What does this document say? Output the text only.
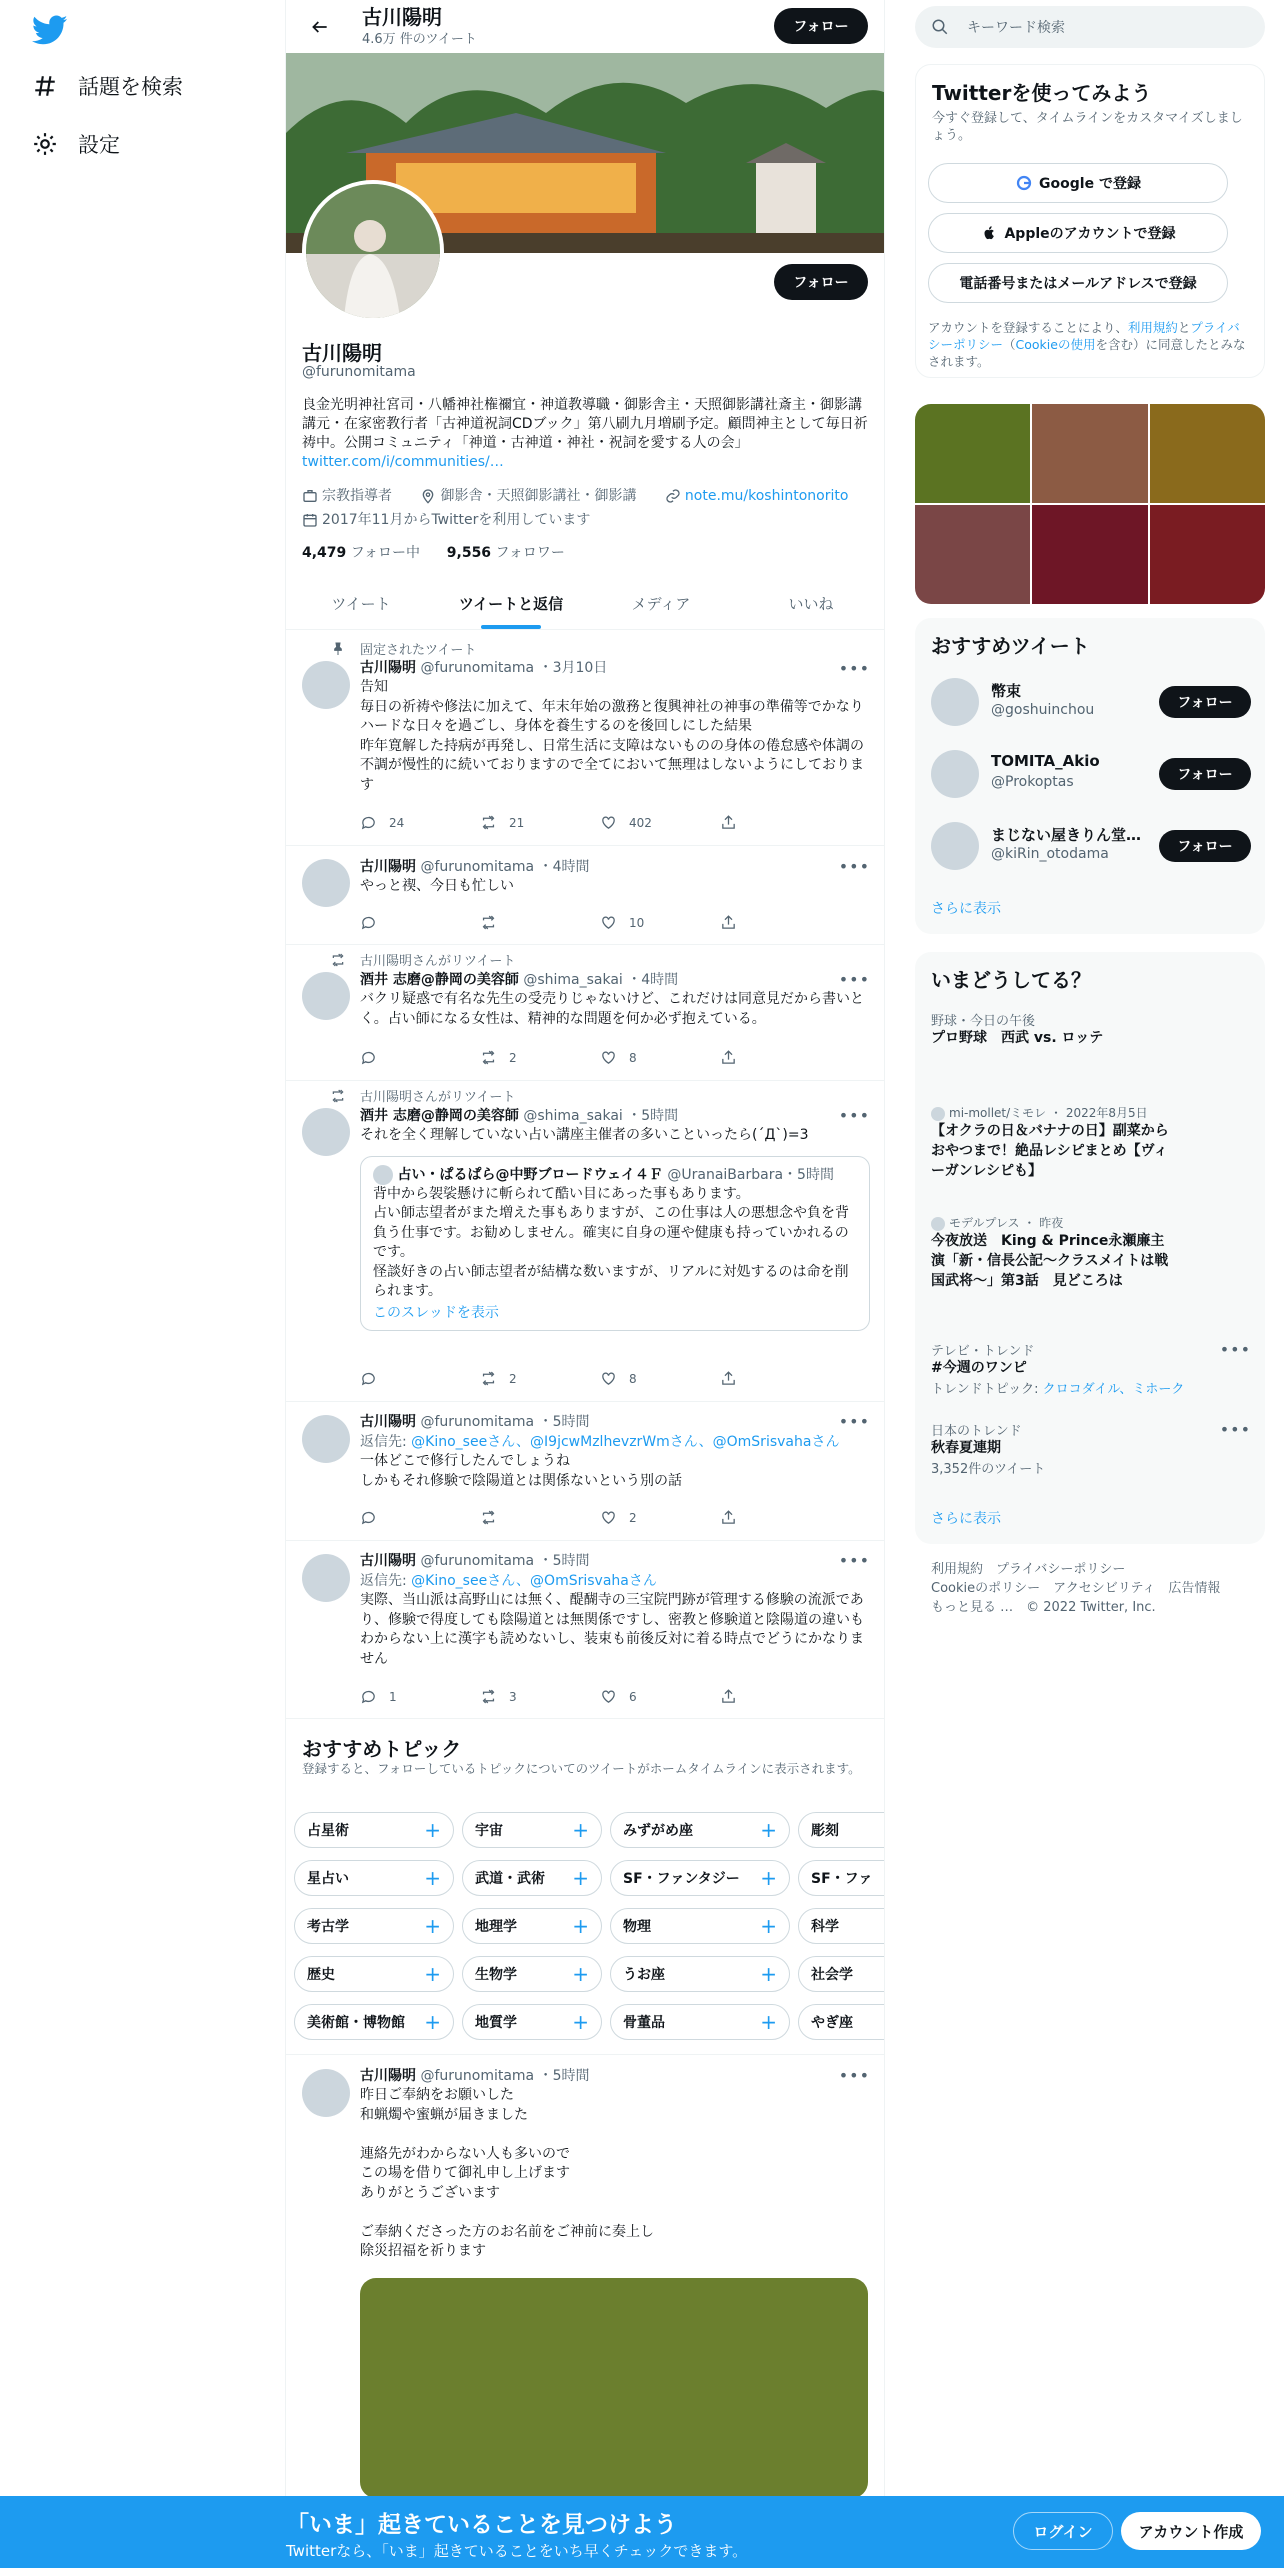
話題を検索
設定
古川陽明
4.6万 件のツイート
フォロー
フォロー
古川陽明
@furunomitama
良金光明神社宮司・八幡神社権禰宜・神道教導職・御影舎主・天照御影講社斎主・御影講講元・在家密教行者「古神道祝詞CDブック」第八刷九月増刷予定。顧問神主として毎日祈祷中。公開コミュニティ「神道・古神道・神社・祝詞を愛する人の会」twitter.com/i/communities/…
宗教指導者
	御影舎・天照御影講社・御影講
	note.mu/koshintonorito

2017年11月からTwitterを利用しています
4,479 フォロー中 9,556 フォロワー
ツイート	ツイートと返信	メディア	いいね
固定されたツイート
古川陽明 @furunomitama ・3月10日
告知
毎日の祈祷や修法に加えて、年末年始の激務と復興神社の神事の準備等でかなりハードな日々を過ごし、身体を養生するのを後回しにした結果
昨年寛解した持病が再発し、日常生活に支障はないものの身体の倦怠感や体調の不調が慢性的に続いておりますので全てにおいて無理はしないようにしております
•••
24	21	402
古川陽明 @furunomitama ・4時間
やっと禊、今日も忙しい
•••
10
古川陽明さんがリツイート
酒井 志磨@静岡の美容師 @shima_sakai ・4時間
バクリ疑惑で有名な先生の受売りじゃないけど、これだけは同意見だから書いとく。占い師になる女性は、精神的な問題を何か必ず抱えている。
•••
2	8
古川陽明さんがリツイート
酒井 志磨@静岡の美容師 @shima_sakai ・5時間
それを全く理解していない占い講座主催者の多いこといったら(´Д`)=3
占い・ぱるぱら@中野ブロードウェイ４Ｆ @UranaiBarbara・5時間
背中から袈裟懸けに斬られて酷い目にあった事もあります。
占い師志望者がまた増えた事もありますが、この仕事は人の悪想念や負を背負う仕事です。お勧めしません。確実に自身の運や健康も持っていかれるのです。
怪談好きの占い師志望者が結構な数いますが、リアルに対処するのは命を削られます。
このスレッドを表示
•••
2	8
古川陽明 @furunomitama ・5時間
返信先: @Kino_seeさん、@I9jcwMzlhevzrWmさん、@OmSrisvahaさん
一体どこで修行したんでしょうね
しかもそれ修験で陰陽道とは関係ないという別の話
•••
2
古川陽明 @furunomitama ・5時間
返信先: @Kino_seeさん、@OmSrisvahaさん
実際、当山派は高野山には無く、醍醐寺の三宝院門跡が管理する修験の流派であり、修験で得度しても陰陽道とは無関係ですし、密教と修験道と陰陽道の違いもわからない上に漢字も読めないし、装束も前後反対に着る時点でどうにかなりません
•••
1	3	6
おすすめトピック
登録すると、フォローしているトピックについてのツイートがホームタイムラインに表示されます。
占星術	+ 宇宙	+ みずがめ座	+ 彫刻
星占い	+ 武道・武術 + SF・ファンタジー + SF・ファ
考古学	+ 地理学	+ 物理	+ 科学
歴史	+ 生物学	+ うお座	+ 社会学
美術館・博物館 + 地質学	+ 骨董品	+ やぎ座
古川陽明 @furunomitama ・5時間
昨日ご奉納をお願いした
和蝋燭や蜜蝋が届きました

連絡先がわからない人も多いので
この場を借りて御礼申し上げます
ありがとうございます

ご奉納くださった方のお名前をご神前に奏上し
除災招福を祈ります
•••
キーワード検索
Twitterを使ってみよう
今すぐ登録して、タイムラインをカスタマイズしましょう。
Google で登録
Appleのアカウントで登録
電話番号またはメールアドレスで登録
アカウントを登録することにより、利用規約とプライバシーポリシー（Cookieの使用を含む）に同意したとみなされます。
おすすめツイート
幣束
@goshuinchou	フォロー
TOMITA_Akio
@Prokoptas	フォロー
まじない屋きりん堂…
@kiRin_otodama	フォロー
さらに表示
いまどうしてる？
野球・今日の午後
プロ野球　西武 vs. ロッテ
mi-mollet/ミモレ ・ 2022年8月5日
【オクラの日＆バナナの日】副菜からおやつまで！絶品レシピまとめ【ヴィーガンレシピも】
モデルプレス ・ 昨夜
今夜放送　King & Prince永瀬廉主演「新・信長公記～クラスメイトは戦国武将～」第3話　見どころは
テレビ・トレンド
#今週のワンピ
トレンドトピック: クロコダイル、ミホーク
•••
日本のトレンド
秋春夏連期
3,352件のツイート
•••
さらに表示
利用規約　プライバシーポリシー
Cookieのポリシー　アクセシビリティ　広告情報
もっと見る …　© 2022 Twitter, Inc.
「いま」起きていることを見つけよう
Twitterなら、「いま」起きていることをいち早くチェックできます。
ログイン	アカウント作成
